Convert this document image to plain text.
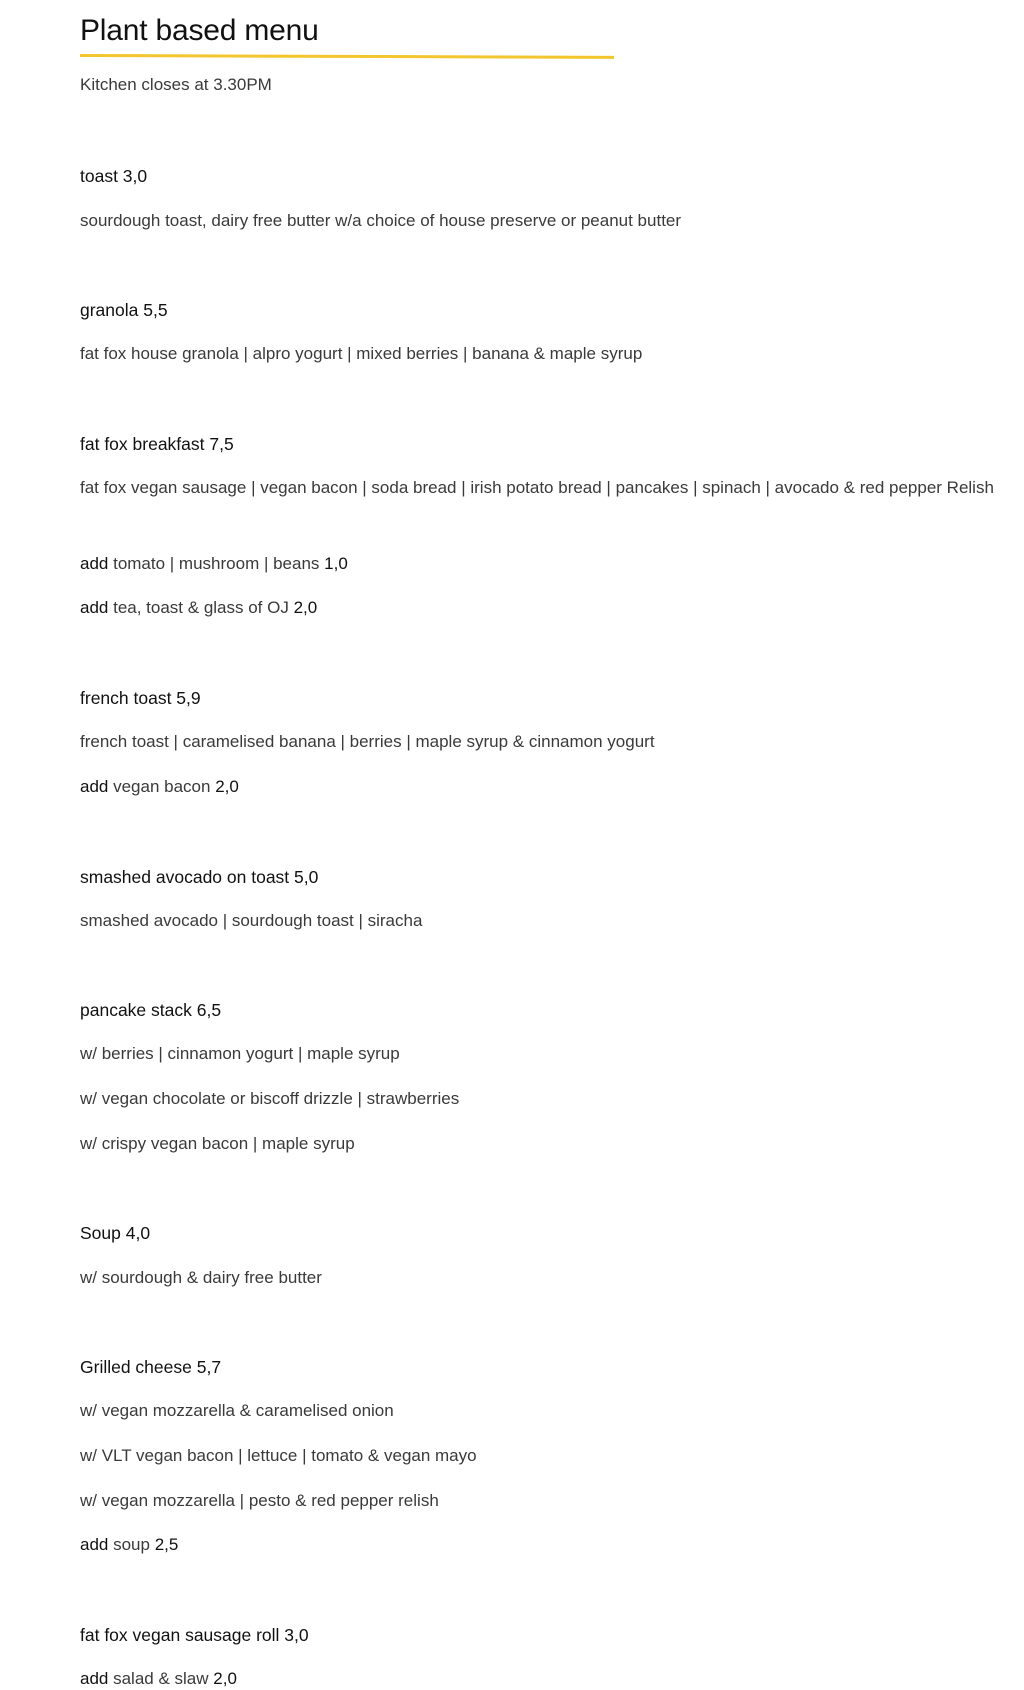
Plant based menu
Kitchen closes at 3.30PM
toast 3,0
sourdough toast, dairy free butter w/a choice of house preserve or peanut butter
granola 5,5
fat fox house granola | alpro yogurt | mixed berries | banana & maple syrup
fat fox breakfast 7,5
fat fox vegan sausage | vegan bacon | soda bread | irish potato bread | pancakes | spinach | avocado & red pepper Relish
add tomato | mushroom | beans 1,0
add tea, toast & glass of OJ 2,0
french toast 5,9
french toast | caramelised banana | berries | maple syrup & cinnamon yogurt
add vegan bacon 2,0
smashed avocado on toast 5,0
smashed avocado | sourdough toast | siracha
pancake stack 6,5
w/ berries | cinnamon yogurt | maple syrup
w/ vegan chocolate or biscoff drizzle | strawberries
w/ crispy vegan bacon | maple syrup
Soup 4,0
w/ sourdough & dairy free butter
Grilled cheese 5,7
w/ vegan mozzarella & caramelised onion
w/ VLT vegan bacon | lettuce | tomato & vegan mayo
w/ vegan mozzarella | pesto & red pepper relish
add soup 2,5
fat fox vegan sausage roll 3,0
add salad & slaw 2,0
